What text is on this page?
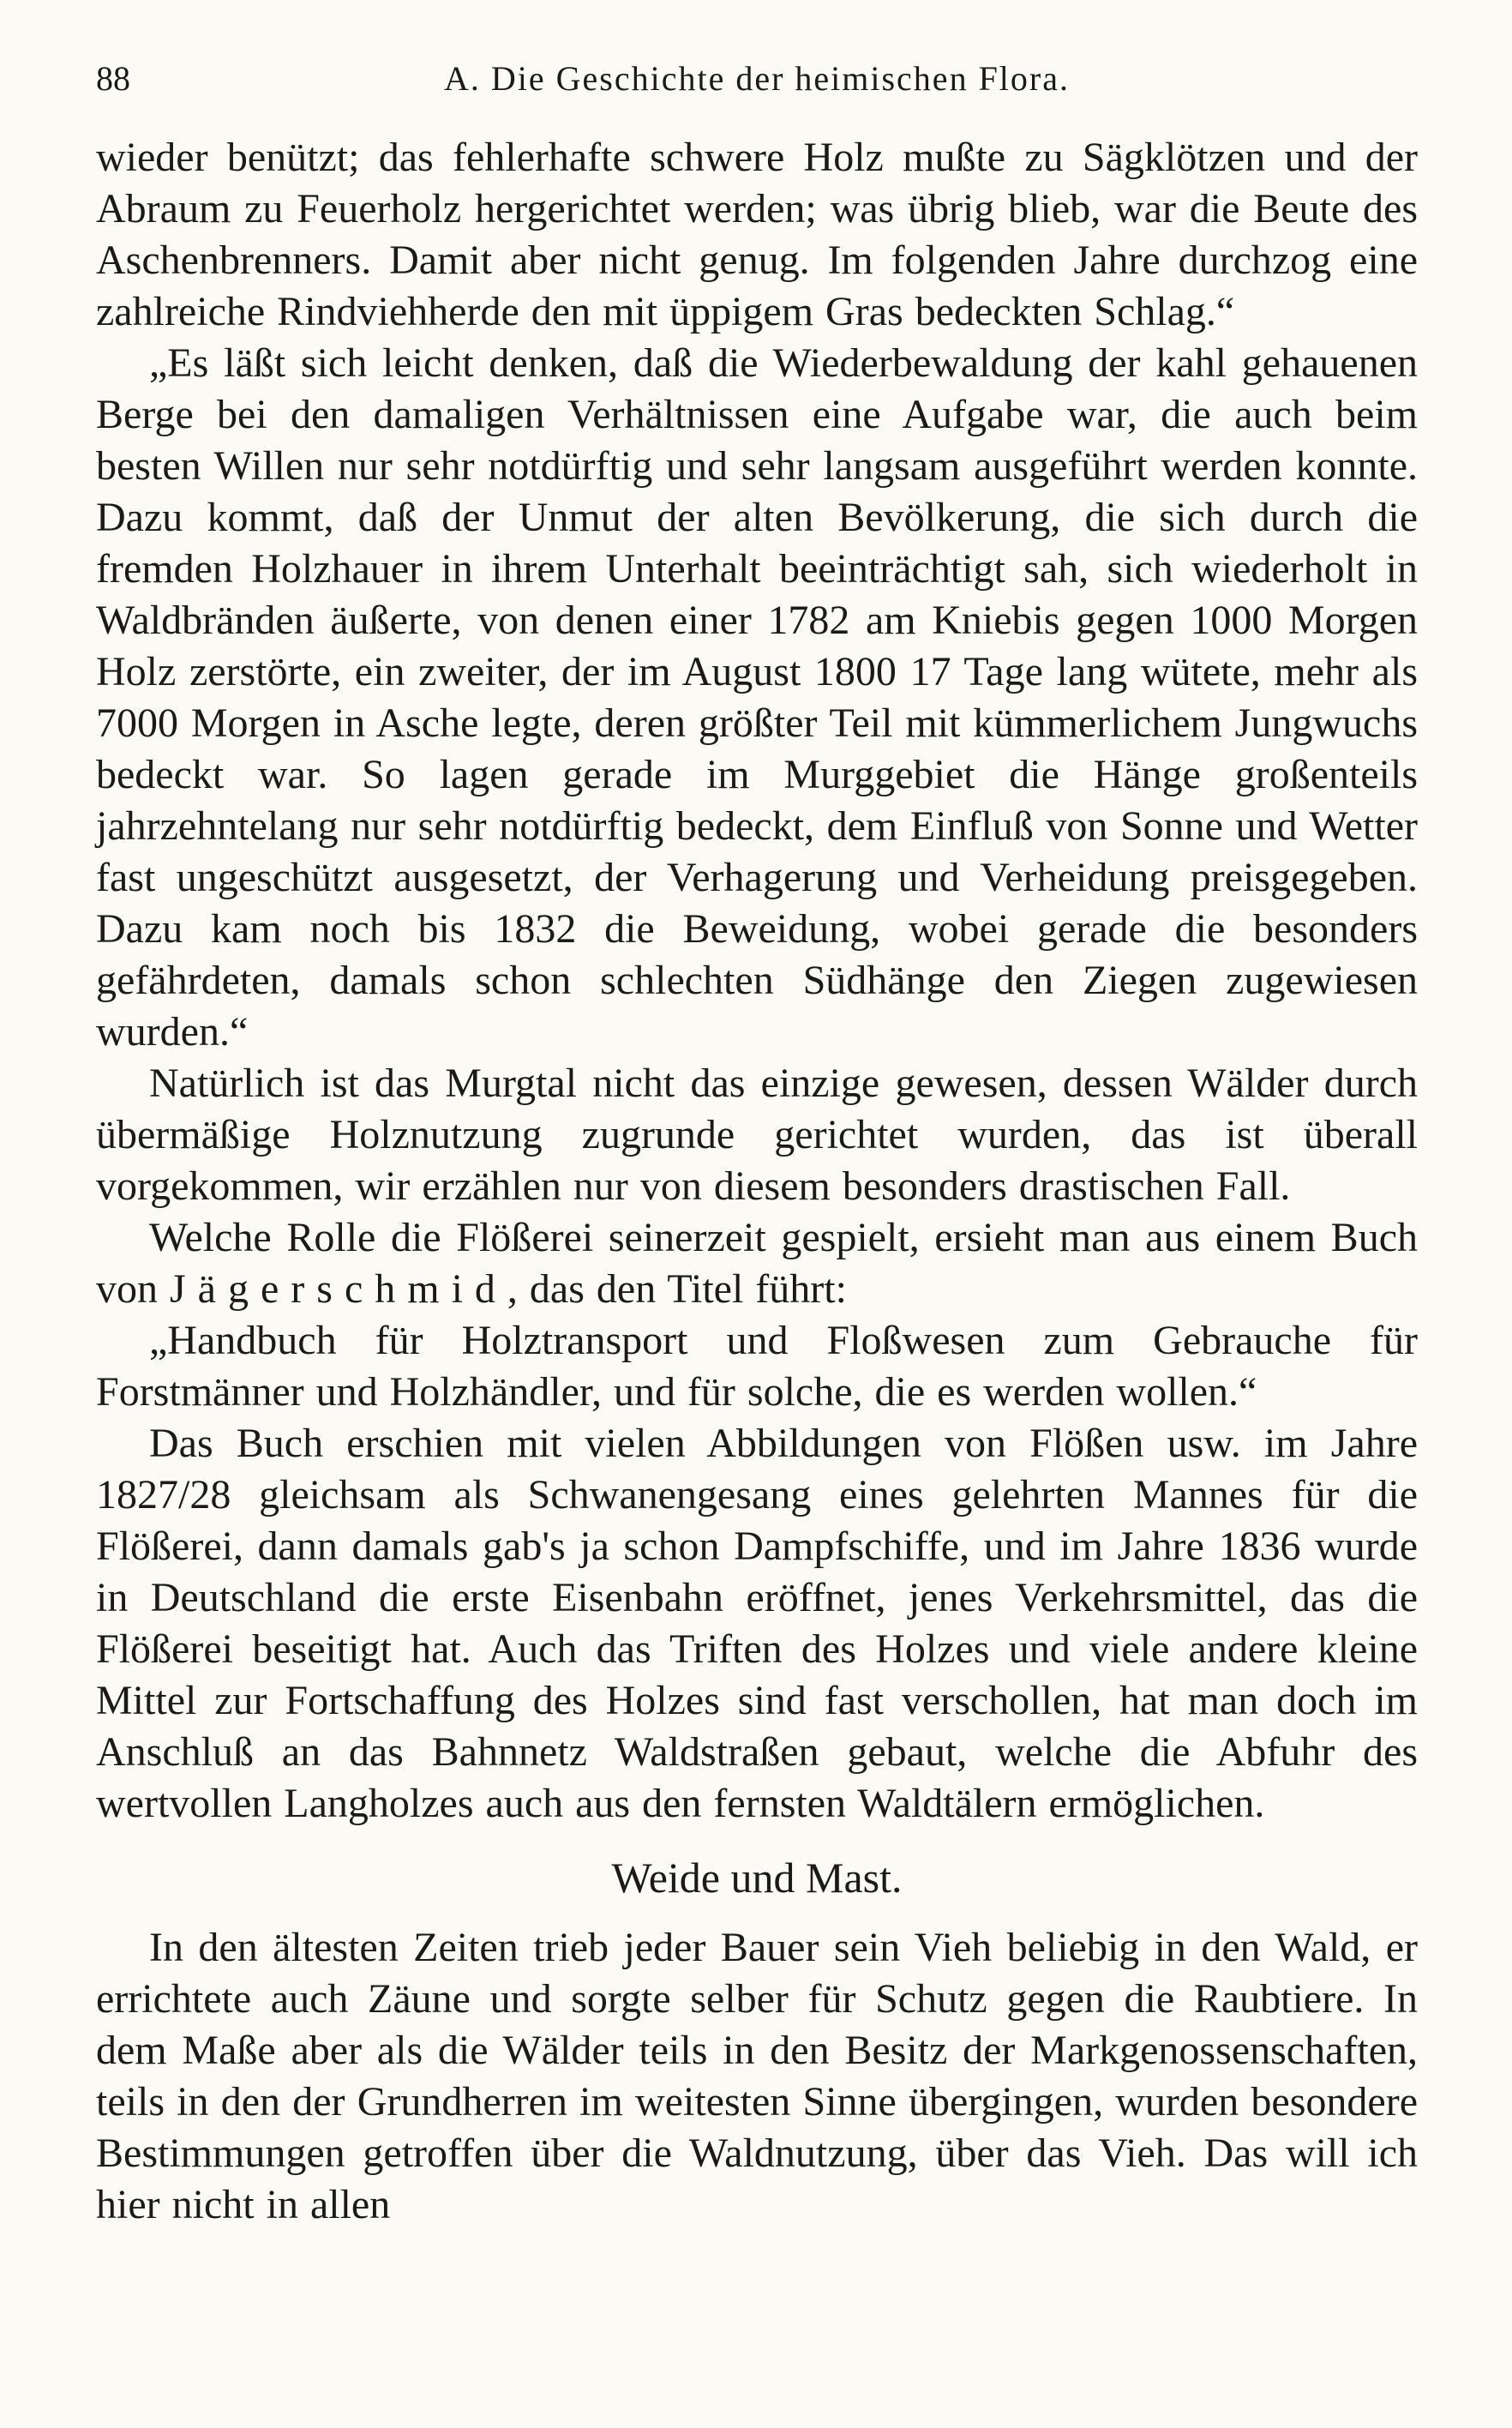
88	A. Die Geschichte der heimischen Flora.

wieder benützt; das fehlerhafte schwere Holz mußte zu Sägklötzen und der Abraum zu Feuerholz hergerichtet werden; was übrig blieb, war die Beute des Aschenbrenners. Damit aber nicht genug. Im folgenden Jahre durchzog eine zahlreiche Rindviehherde den mit üppigem Gras bedeckten Schlag.“

„Es läßt sich leicht denken, daß die Wiederbewaldung der kahl gehauenen Berge bei den damaligen Verhältnissen eine Aufgabe war, die auch beim besten Willen nur sehr notdürftig und sehr langsam ausgeführt werden konnte. Dazu kommt, daß der Unmut der alten Bevölkerung, die sich durch die fremden Holzhauer in ihrem Unterhalt beeinträchtigt sah, sich wiederholt in Waldbränden äußerte, von denen einer 1782 am Kniebis gegen 1000 Morgen Holz zerstörte, ein zweiter, der im August 1800 17 Tage lang wütete, mehr als 7000 Morgen in Asche legte, deren größter Teil mit kümmerlichem Jungwuchs bedeckt war. So lagen gerade im Murggebiet die Hänge großenteils jahrzehntelang nur sehr notdürftig bedeckt, dem Einfluß von Sonne und Wetter fast ungeschützt ausgesetzt, der Verhagerung und Verheidung preisgegeben. Dazu kam noch bis 1832 die Beweidung, wobei gerade die besonders gefährdeten, damals schon schlechten Südhänge den Ziegen zugewiesen wurden.“

Natürlich ist das Murgtal nicht das einzige gewesen, dessen Wälder durch übermäßige Holznutzung zugrunde gerichtet wurden, das ist überall vorgekommen, wir erzählen nur von diesem besonders drastischen Fall.

Welche Rolle die Flößerei seinerzeit gespielt, ersieht man aus einem Buch von J ä g e r s c h m i d , das den Titel führt:

„Handbuch für Holztransport und Floßwesen zum Gebrauche für Forstmänner und Holzhändler, und für solche, die es werden wollen.“

Das Buch erschien mit vielen Abbildungen von Flößen usw. im Jahre 1827/28 gleichsam als Schwanengesang eines gelehrten Mannes für die Flößerei, dann damals gab's ja schon Dampfschiffe, und im Jahre 1836 wurde in Deutschland die erste Eisenbahn eröffnet, jenes Verkehrsmittel, das die Flößerei beseitigt hat. Auch das Triften des Holzes und viele andere kleine Mittel zur Fortschaffung des Holzes sind fast verschollen, hat man doch im Anschluß an das Bahnnetz Waldstraßen gebaut, welche die Abfuhr des wertvollen Langholzes auch aus den fernsten Waldtälern ermöglichen.

Weide und Mast.

In den ältesten Zeiten trieb jeder Bauer sein Vieh beliebig in den Wald, er errichtete auch Zäune und sorgte selber für Schutz gegen die Raubtiere. In dem Maße aber als die Wälder teils in den Besitz der Markgenossenschaften, teils in den der Grundherren im weitesten Sinne übergingen, wurden besondere Bestimmungen getroffen über die Waldnutzung, über das Vieh. Das will ich hier nicht in allen
